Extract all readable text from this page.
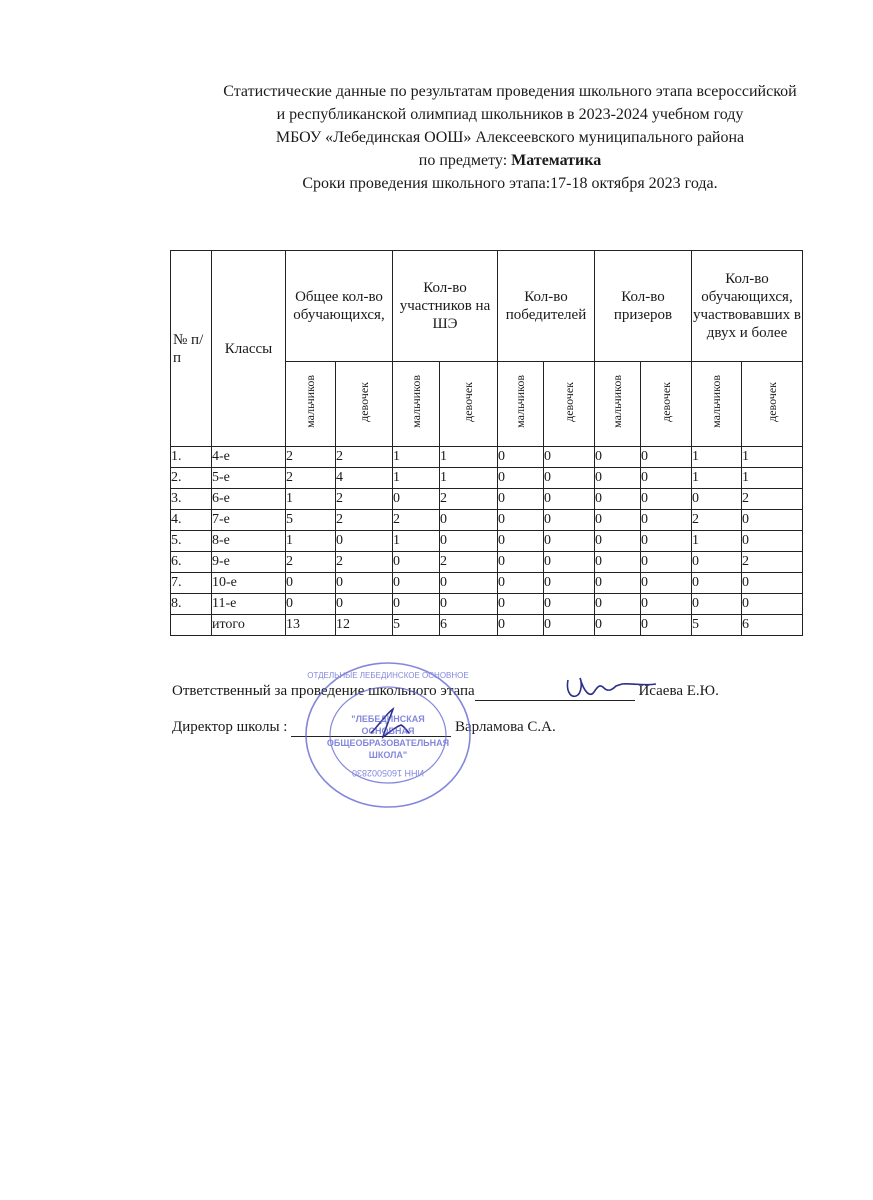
Статистические данные по результатам проведения школьного этапа всероссийской
и республиканской олимпиад школьников в 2023-2024 учебном году
МБОУ «Лебединская ООШ» Алексеевского муниципального района
по предмету: Математика
Сроки проведения школьного этапа:17-18 октября 2023 года.
№ п/п	Классы	Общее кол-во обучающихся,		Кол-во участников на ШЭ		Кол-во победителей		Кол-во призеров		Кол-во обучающихся, участвовавших в двух и более	
		мальчиков	девочек	мальчиков	девочек	мальчиков	девочек	мальчиков	девочек	мальчиков	девочек
1.	4-е	2	2	1	1	0	0	0	0	1	1
2.	5-е	2	4	1	1	0	0	0	0	1	1
3.	6-е	1	2	0	2	0	0	0	0	0	2
4.	7-е	5	2	2	0	0	0	0	0	2	0
5.	8-е	1	0	1	0	0	0	0	0	1	0
6.	9-е	2	2	0	2	0	0	0	0	0	2
7.	10-е	0	0	0	0	0	0	0	0	0	0
8.	11-е	0	0	0	0	0	0	0	0	0	0
	итого	13	12	5	6	0	0	0	0	5	6
Ответственный за проведение школьного этапа	Исаева Е.Ю.
Директор школы :	Варламова С.А.
ОТДЕЛЬНЫЕ ЛЕБЕДИНСКОЕ ОСНОВНОЕ
"ЛЕБЕДИНСКАЯ
ОСНОВНАЯ
ОБЩЕОБРАЗОВАТЕЛЬНАЯ
ШКОЛА"
ИНН 1605002830
